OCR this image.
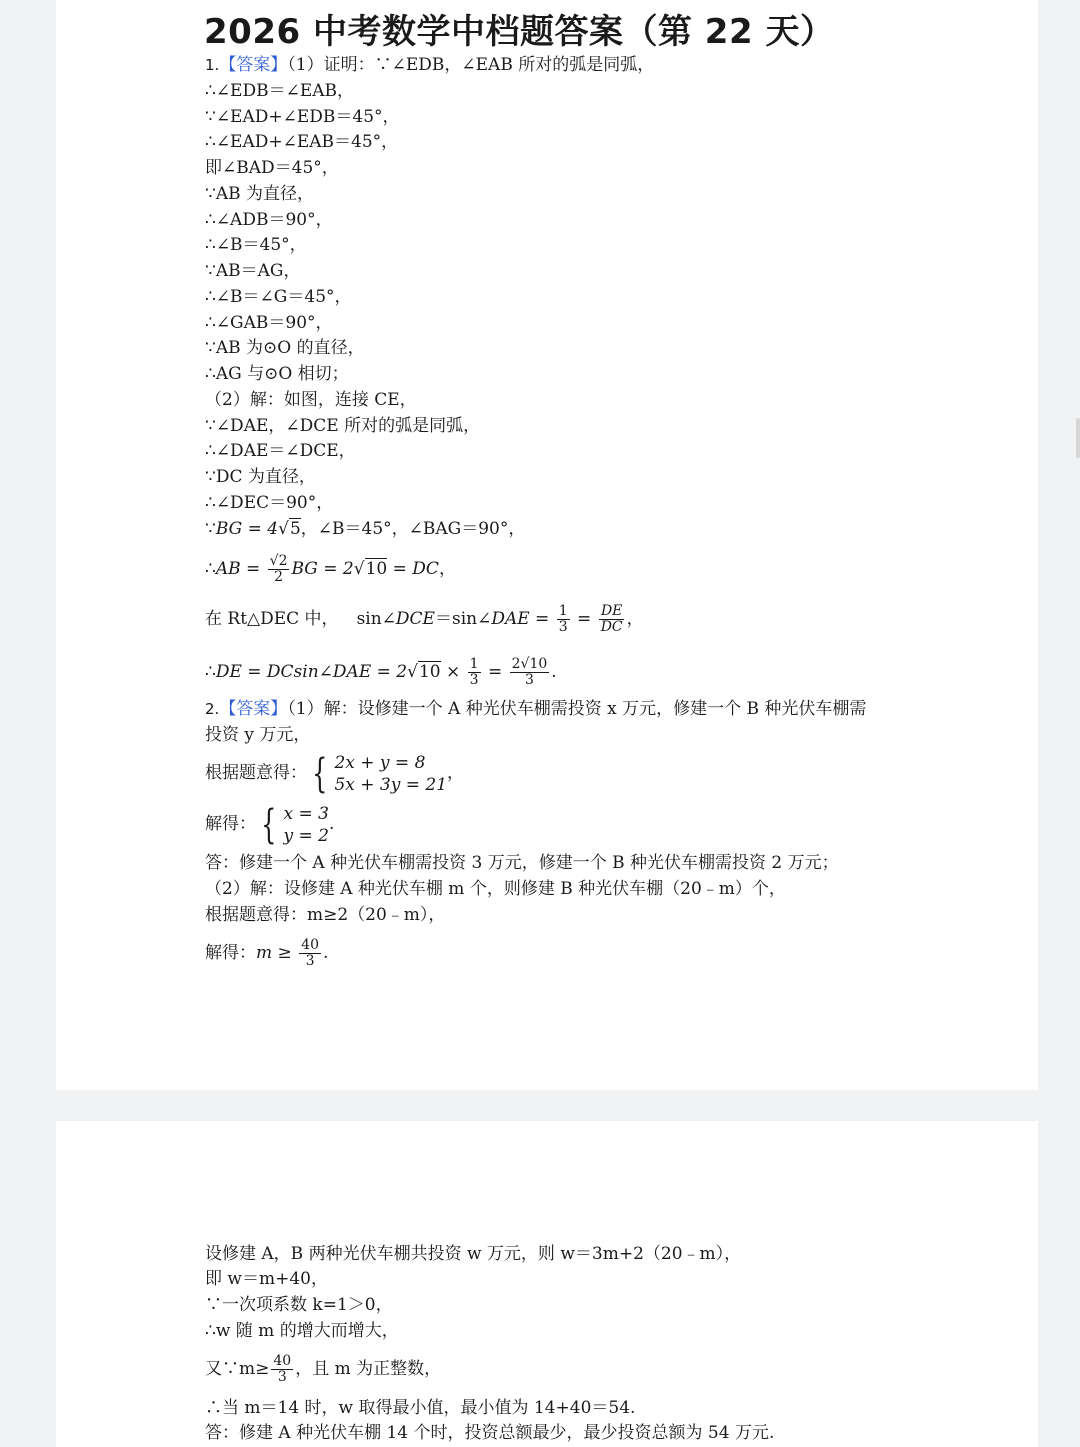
2026 中考数学中档题答案（第 22 天）
1.【答案】（1）证明：∵∠EDB，∠EAB 所对的弧是同弧，
∴∠EDB＝∠EAB，
∵∠EAD+∠EDB＝45°，
∴∠EAD+∠EAB＝45°，
即∠BAD＝45°，
∵AB 为直径，
∴∠ADB＝90°，
∴∠B＝45°，
∵AB＝AG，
∴∠B＝∠G＝45°，
∴∠GAB＝90°，
∵AB 为⊙O 的直径，
∴AG 与⊙O 相切；
（2）解：如图，连接 CE，
∵∠DAE，∠DCE 所对的弧是同弧，
∴∠DAE＝∠DCE，
∵DC 为直径，
∴∠DEC＝90°，
∵BG = 4√5，∠B＝45°，∠BAG＝90°，
∴AB = $\frac{√2}{2}$ BG = 2√10 = DC，
在 Rt△DEC 中， sin∠DCE＝sin∠DAE = $\frac{1}{3} = \frac{DE}{DC}$ ，
∴DE = DCsin∠DAE = $2√10 \times \frac{1}{3} = \frac{2√10}{3}$ .
2.【答案】（1）解：设修建一个 A 种光伏车棚需投资 x 万元，修建一个 B 种光伏车棚需
投资 y 万元，
根据题意得： { 2x + y = 8
5x + 3y = 21
，
解得： { x = 3
y = 2
.
答：修建一个 A 种光伏车棚需投资 3 万元，修建一个 B 种光伏车棚需投资 2 万元；
（2）解：设修建 A 种光伏车棚 m 个，则修建 B 种光伏车棚（20﹣m）个，
根据题意得：m≥2（20﹣m），
解得：$m \ge \frac{40}{3}$ .
设修建 A，B 两种光伏车棚共投资 w 万元，则 w＝3m+2（20﹣m），
即 w＝m+40，
∵一次项系数 k=1＞0，
∴w 随 m 的增大而增大，
又∵m≥ $\frac{40}{3}$ ，且 m 为正整数，
∴当 m＝14 时，w 取得最小值，最小值为 14+40＝54.
答：修建 A 种光伏车棚 14 个时，投资总额最少，最少投资总额为 54 万元.
